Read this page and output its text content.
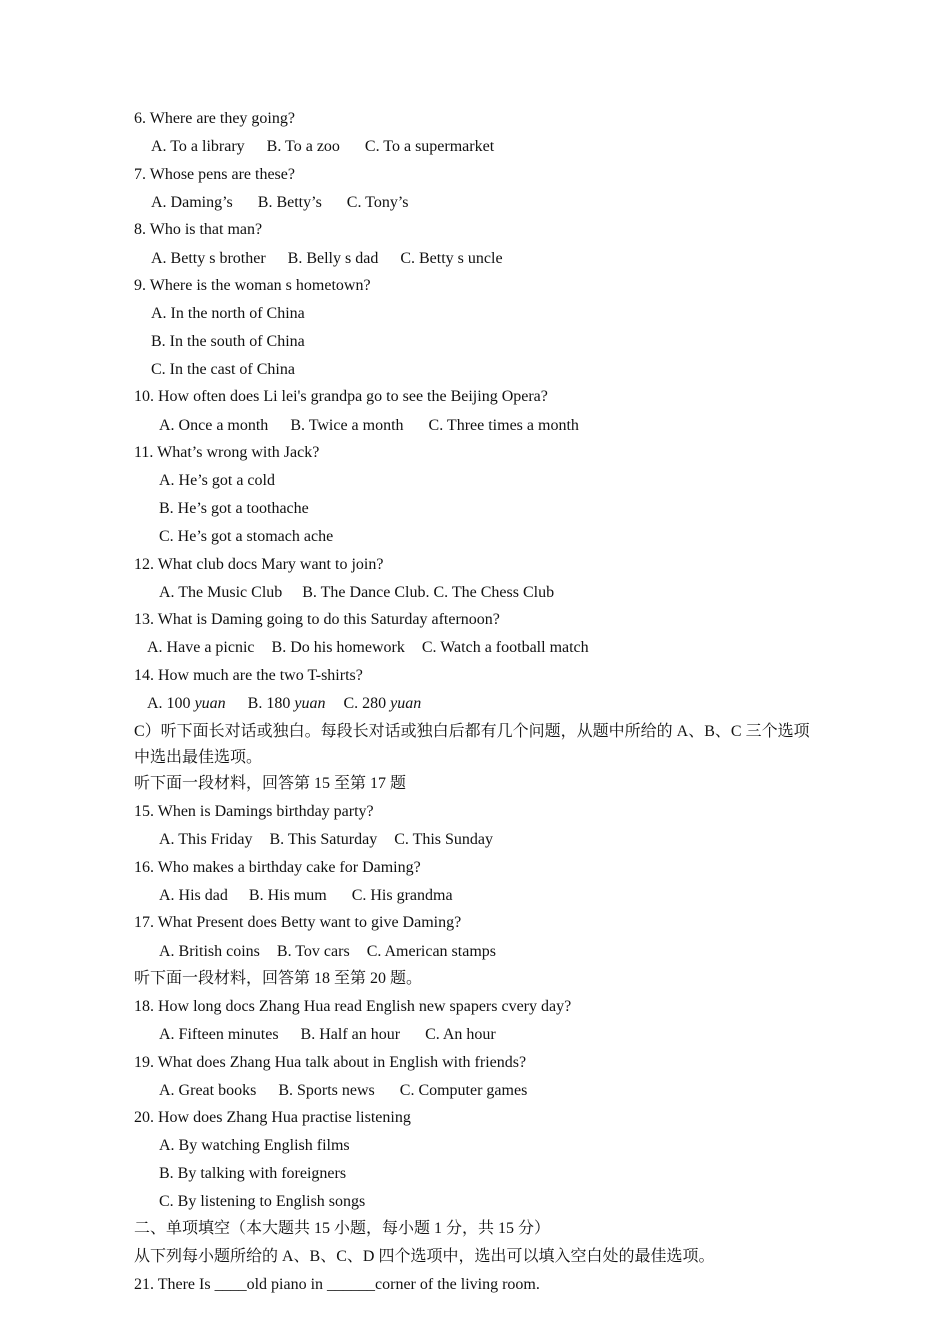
6. Where are they going?
A. To a library B. To a zoo C. To a supermarket
7. Whose pens are these?
A. Daming’s B. Betty’s C. Tony’s
8. Who is that man?
A. Betty s brother B. Belly s dad C. Betty s uncle
9. Where is the woman s hometown?
A. In the north of China
B. In the south of China
C. In the cast of China
10. How often does Li lei's grandpa go to see the Beijing Opera?
A. Once a month B. Twice a month C. Three times a month
11. What’s wrong with Jack?
A. He’s got a cold
B. He’s got a toothache
C. He’s got a stomach ache
12. What club docs Mary want to join?
A. The Music Club     B. The Dance Club. C. The Chess Club
13. What is Daming going to do this Saturday afternoon?
A. Have a picnic B. Do his homework C. Watch a football match
14. How much are the two T-shirts?
A. 100 yuan B. 180 yuan C. 280 yuan
C）听下面长对话或独白。每段长对话或独白后都有几个问题，从题中所给的 A、B、C 三个选项
中选出最佳选项。
听下面一段材料，回答第 15 至第 17 题
15. When is Damings birthday party?
A. This Friday B. This Saturday C. This Sunday
16. Who makes a birthday cake for Daming?
A. His dad B. His mum C. His grandma
17. What Present does Betty want to give Daming?
A. British coins B. Tov cars C. American stamps
听下面一段材料，回答第 18 至第 20 题。
18. How long docs Zhang Hua read English new spapers cvery day?
A. Fifteen minutes B. Half an hour C. An hour
19. What does Zhang Hua talk about in English with friends?
A. Great books B. Sports news C. Computer games
20. How does Zhang Hua practise listening
A. By watching English films
B. By talking with foreigners
C. By listening to English songs
二、单项填空（本大题共 15 小题，每小题 1 分，共 15 分）
从下列每小题所给的 A、B、C、D 四个选项中，选出可以填入空白处的最佳选项。
21. There Is ____old piano in ______corner of the living room.
